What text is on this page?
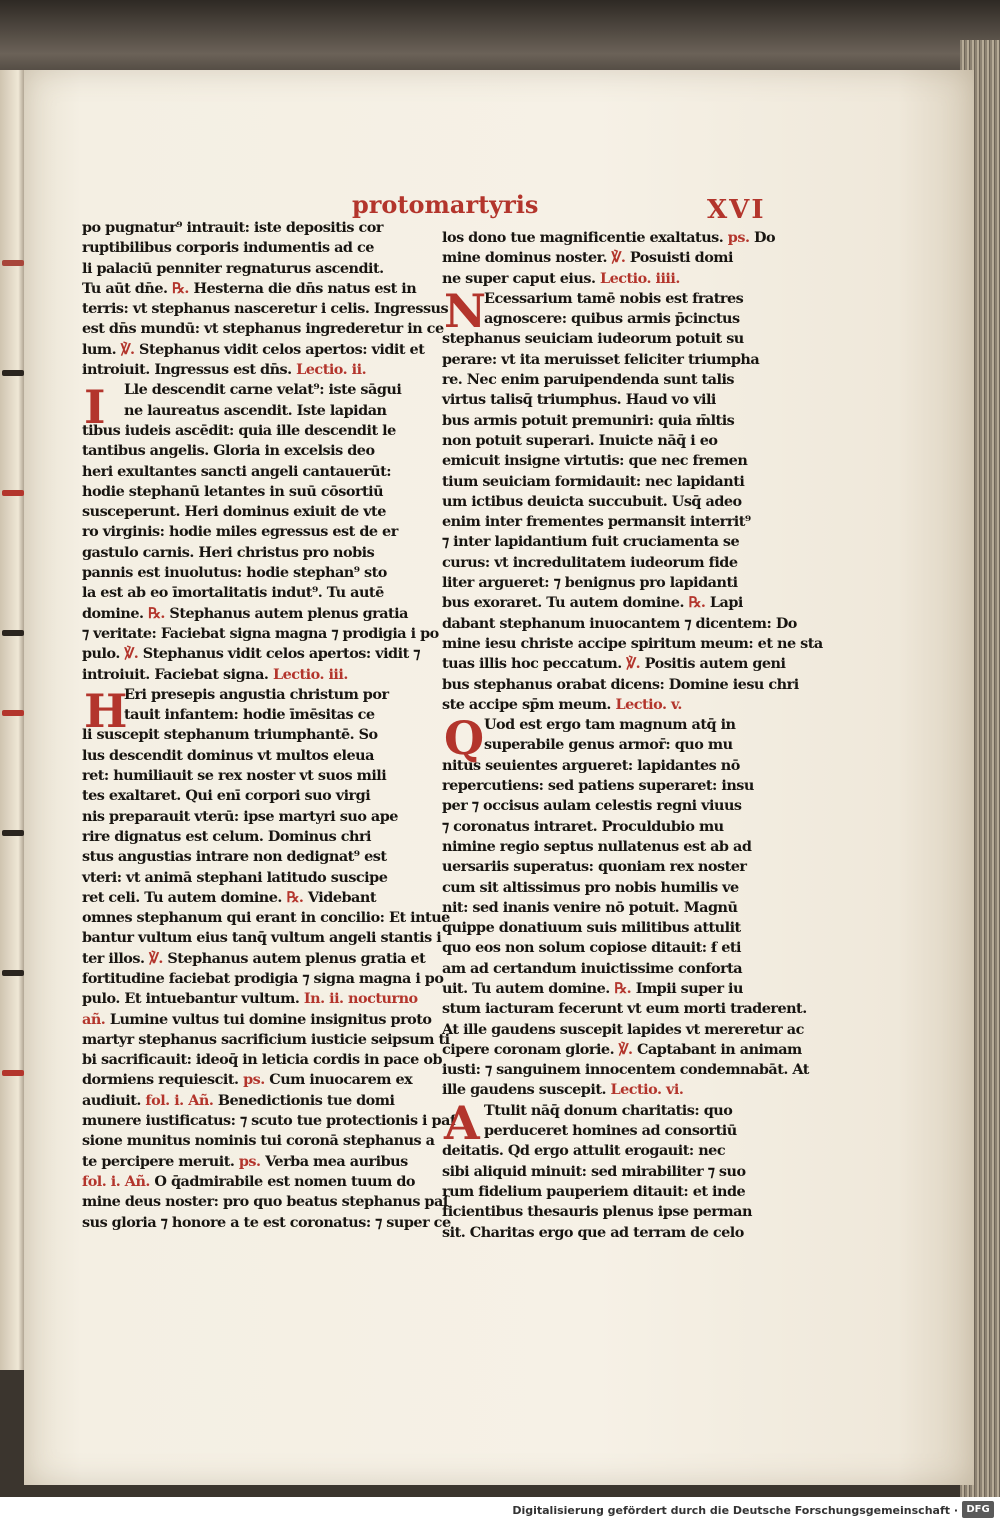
protomartyris	XVI
po pugnatur⁹ intrauit: iste depositis cor
ruptibilibus corporis indumentis ad ce
li palaciū penniter regnaturus ascendit.
Tu aūt dn̄e. ℞. Hesterna die dn̄s natus est in
terris: vt stephanus nasceretur i celis. Ingressus
est dn̄s mundū: vt stephanus ingrederetur in ce
lum. ℣. Stephanus vidit celos apertos: vidit et
introiuit. Ingressus est dn̄s. Lectio. ii.
Lle descendit carne velat⁹: iste sāgui
ne laureatus ascendit. Iste lapidan
tibus iudeis ascēdit: quia ille descendit le
tantibus angelis. Gloria in excelsis deo
heri exultantes sancti angeli cantauerūt:
hodie stephanū letantes in suū cōsortiū
susceperunt. Heri dominus exiuit de vte
ro virginis: hodie miles egressus est de er
gastulo carnis. Heri christus pro nobis
pannis est inuolutus: hodie stephan⁹ sto
la est ab eo īmortalitatis indut⁹. Tu autē
domine. ℞. Stephanus autem plenus gratia
⁊ veritate: Faciebat signa magna ⁊ prodigia i po
pulo. ℣. Stephanus vidit celos apertos: vidit ⁊
introiuit. Faciebat signa. Lectio. iii.
Eri presepis angustia christum por
tauit infantem: hodie īmēsitas ce
li suscepit stephanum triumphantē. So
lus descendit dominus vt multos eleua
ret: humiliauit se rex noster vt suos mili
tes exaltaret. Qui enī corpori suo virgi
nis preparauit vterū: ipse martyri suo ape
rire dignatus est celum. Dominus chri
stus angustias intrare non dedignat⁹ est
vteri: vt animā stephani latitudo suscipe
ret celi. Tu autem domine. ℞. Videbant
omnes stephanum qui erant in concilio: Et intue
bantur vultum eius tanq̄ vultum angeli stantis i
ter illos. ℣. Stephanus autem plenus gratia et
fortitudine faciebat prodigia ⁊ signa magna i po
pulo. Et intuebantur vultum. In. ii. nocturno
añ. Lumine vultus tui domine insignitus proto
martyr stephanus sacrificium iusticie seipsum ti
bi sacrificauit: ideoq̄ in leticia cordis in pace ob
dormiens requiescit. ps. Cum inuocarem ex
audiuit. fol. i. Añ. Benedictionis tue domi
munere iustificatus: ⁊ scuto tue protectionis i paſ
sione munitus nominis tui coronā stephanus a
te percipere meruit. ps. Verba mea auribus
fol. i. Añ. O q̄admirabile est nomen tuum do
mine deus noster: pro quo beatus stephanus paſ
sus gloria ⁊ honore a te est coronatus: ⁊ super ce
los dono tue magnificentie exaltatus. ps. Do
mine dominus noster. ℣. Posuisti domi
ne super caput eius. Lectio. iiii.
Ecessarium tamē nobis est fratres
agnoscere: quibus armis p̄cinctus
stephanus seuiciam iudeorum potuit su
perare: vt ita meruisset feliciter triumpha
re. Nec enim paruipendenda sunt talis
virtus talisq̄ triumphus. Haud vo vili
bus armis potuit premuniri: quia m̄ltis
non potuit superari. Inuicte nāq̄ i eo
emicuit insigne virtutis: que nec fremen
tium seuiciam formidauit: nec lapidanti
um ictibus deuicta succubuit. Usq̄ adeo
enim inter frementes permansit interrit⁹
⁊ inter lapidantium fuit cruciamenta se
curus: vt incredulitatem iudeorum fide
liter argueret: ⁊ benignus pro lapidanti
bus exoraret. Tu autem domine. ℞. Lapi
dabant stephanum inuocantem ⁊ dicentem: Do
mine iesu christe accipe spiritum meum: et ne sta
tuas illis hoc peccatum. ℣. Positis autem geni
bus stephanus orabat dicens: Domine iesu chri
ste accipe sp̄m meum. Lectio. v.
Uod est ergo tam magnum atq̄ in
superabile genus armor̄: quo mu
nitus seuientes argueret: lapidantes nō
repercutiens: sed patiens superaret: insu
per ⁊ occisus aulam celestis regni viuus
⁊ coronatus intraret. Proculdubio mu
nimine regio septus nullatenus est ab ad
uersariis superatus: quoniam rex noster
cum sit altissimus pro nobis humilis ve
nit: sed inanis venire nō potuit. Magnū
quippe donatiuum suis militibus attulit
quo eos non solum copiose ditauit: ẜ eti
am ad certandum inuictissime conforta
uit. Tu autem domine. ℞. Impii super iu
stum iacturam fecerunt vt eum morti traderent.
At ille gaudens suscepit lapides vt mereretur ac
cipere coronam glorie. ℣. Captabant in animam
iusti: ⁊ sanguinem innocentem condemnabāt. At
ille gaudens suscepit. Lectio. vi.
Ttulit nāq̄ donum charitatis: quo
perduceret homines ad consortiū
deitatis. Qd ergo attulit erogauit: nec
sibi aliquid minuit: sed mirabiliter ⁊ suo
rum fidelium pauperiem ditauit: et inde
ficientibus thesauris plenus ipse perman
sit. Charitas ergo que ad terram de celo
I
H
N
Q
A
Digitalisierung gefördert durch die Deutsche Forschungsgemeinschaft · DFG
